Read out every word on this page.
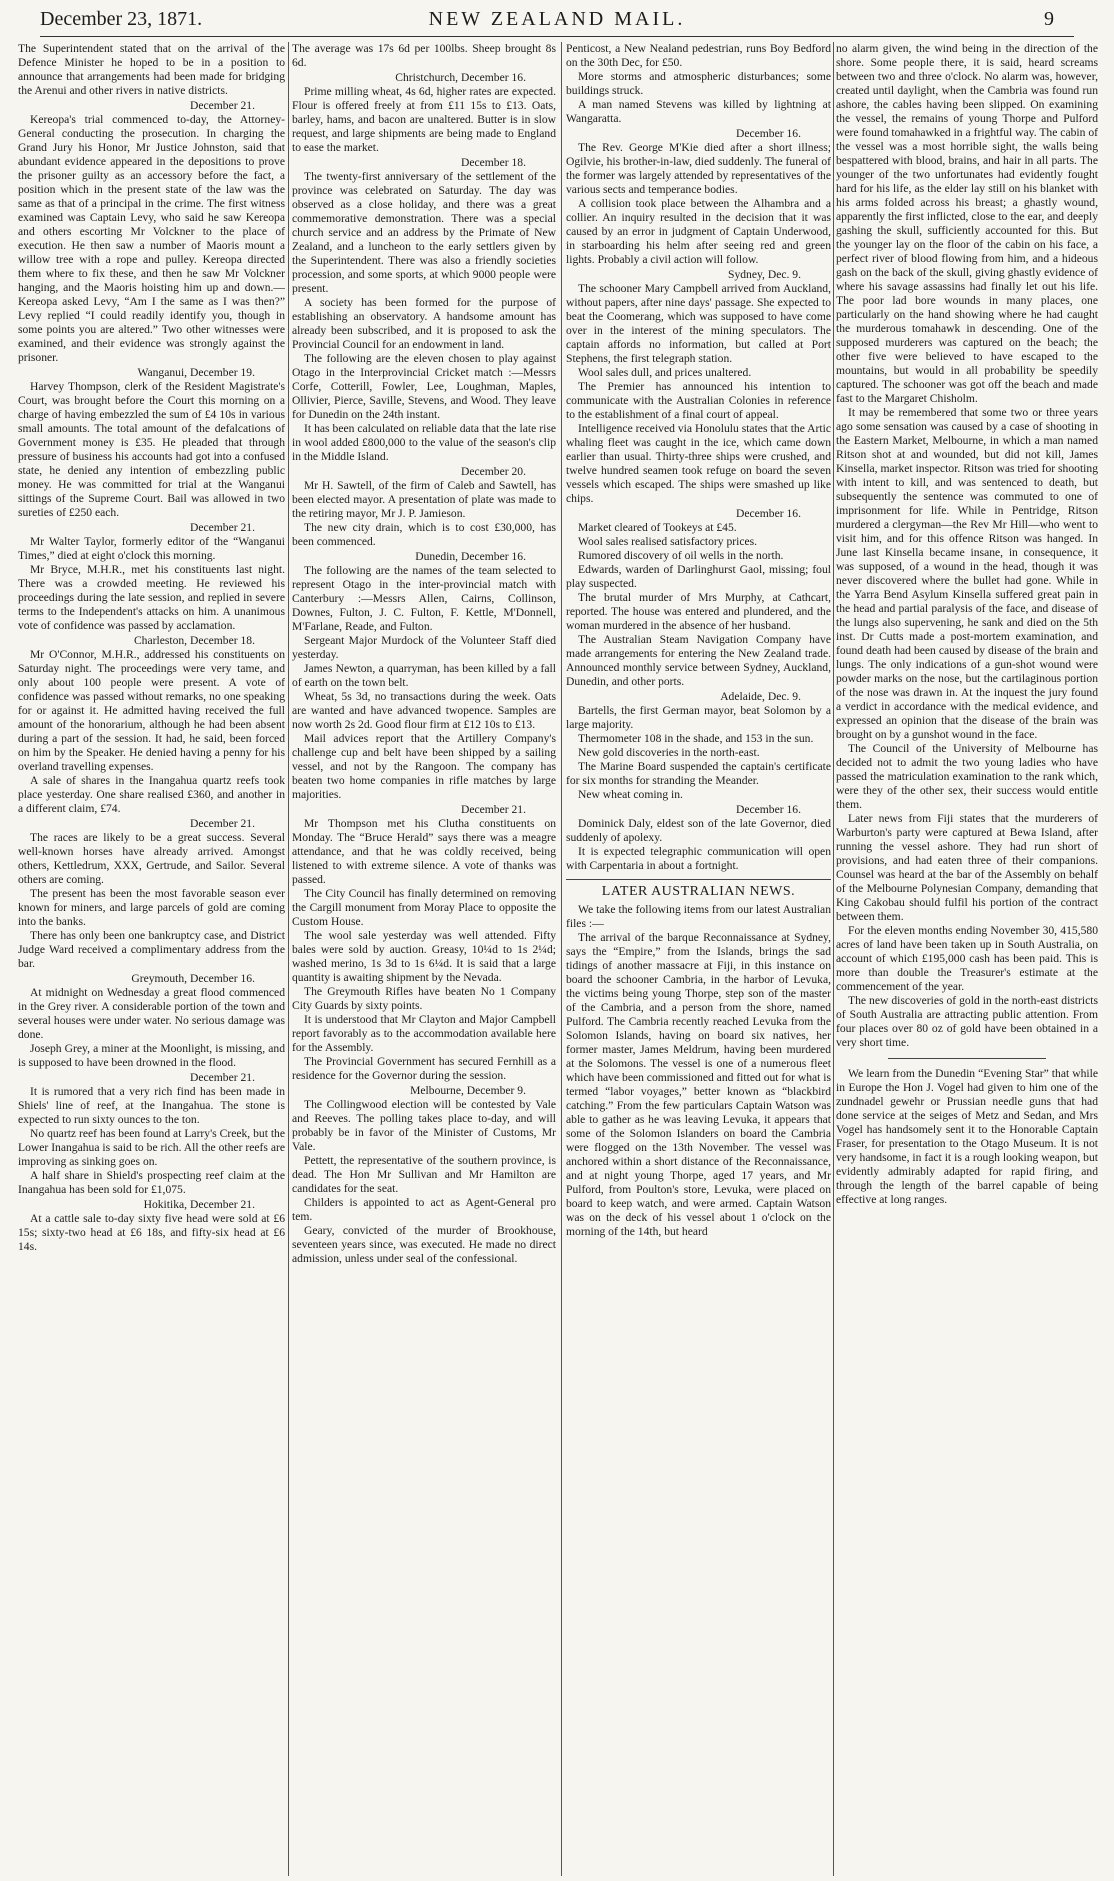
December 23, 1871.	NEW ZEALAND MAIL.	9

The Superintendent stated that on the arrival of the Defence Minister he hoped to be in a position to announce that arrangements had been made for bridging the Arenui and other rivers in native districts.

December 21.

Kereopa's trial commenced to-day, the Attorney-General conducting the prosecution. In charging the Grand Jury his Honor, Mr Justice Johnston, said that abundant evidence appeared in the depositions to prove the prisoner guilty as an accessory before the fact, a position which in the present state of the law was the same as that of a principal in the crime. The first witness examined was Captain Levy, who said he saw Kereopa and others escorting Mr Volckner to the place of execution. He then saw a number of Maoris mount a willow tree with a rope and pulley. Kereopa directed them where to fix these, and then he saw Mr Volckner hanging, and the Maoris hoisting him up and down.—Kereopa asked Levy, “Am I the same as I was then?” Levy replied “I could readily identify you, though in some points you are altered.” Two other witnesses were examined, and their evidence was strongly against the prisoner.

Wanganui, December 19.

Harvey Thompson, clerk of the Resident Magistrate's Court, was brought before the Court this morning on a charge of having embezzled the sum of £4 10s in various small amounts. The total amount of the defalcations of Government money is £35. He pleaded that through pressure of business his accounts had got into a confused state, he denied any intention of embezzling public money. He was committed for trial at the Wanganui sittings of the Supreme Court. Bail was allowed in two sureties of £250 each.

December 21.

Mr Walter Taylor, formerly editor of the “Wanganui Times,” died at eight o'clock this morning.

Mr Bryce, M.H.R., met his constituents last night. There was a crowded meeting. He reviewed his proceedings during the late session, and replied in severe terms to the Independent's attacks on him. A unanimous vote of confidence was passed by acclamation.

Charleston, December 18.

Mr O'Connor, M.H.R., addressed his constituents on Saturday night. The proceedings were very tame, and only about 100 people were present. A vote of confidence was passed without remarks, no one speaking for or against it. He admitted having received the full amount of the honorarium, although he had been absent during a part of the session. It had, he said, been forced on him by the Speaker. He denied having a penny for his overland travelling expenses.

A sale of shares in the Inangahua quartz reefs took place yesterday. One share realised £360, and another in a different claim, £74.

December 21.

The races are likely to be a great success. Several well-known horses have already arrived. Amongst others, Kettledrum, XXX, Gertrude, and Sailor. Several others are coming.

The present has been the most favorable season ever known for miners, and large parcels of gold are coming into the banks.

There has only been one bankruptcy case, and District Judge Ward received a complimentary address from the bar.

Greymouth, December 16.

At midnight on Wednesday a great flood commenced in the Grey river. A considerable portion of the town and several houses were under water. No serious damage was done.

Joseph Grey, a miner at the Moonlight, is missing, and is supposed to have been drowned in the flood.

December 21.

It is rumored that a very rich find has been made in Shiels' line of reef, at the Inangahua. The stone is expected to run sixty ounces to the ton.

No quartz reef has been found at Larry's Creek, but the Lower Inangahua is said to be rich. All the other reefs are improving as sinking goes on.

A half share in Shield's prospecting reef claim at the Inangahua has been sold for £1,075.

Hokitika, December 21.

At a cattle sale to-day sixty five head were sold at £6 15s; sixty-two head at £6 18s, and fifty-six head at £6 14s.

The average was 17s 6d per 100lbs. Sheep brought 8s 6d.

Christchurch, December 16.

Prime milling wheat, 4s 6d, higher rates are expected. Flour is offered freely at from £11 15s to £13. Oats, barley, hams, and bacon are unaltered. Butter is in slow request, and large shipments are being made to England to ease the market.

December 18.

The twenty-first anniversary of the settlement of the province was celebrated on Saturday. The day was observed as a close holiday, and there was a great commemorative demonstration. There was a special church service and an address by the Primate of New Zealand, and a luncheon to the early settlers given by the Superintendent. There was also a friendly societies procession, and some sports, at which 9000 people were present.

A society has been formed for the purpose of establishing an observatory. A handsome amount has already been subscribed, and it is proposed to ask the Provincial Council for an endowment in land.

The following are the eleven chosen to play against Otago in the Interprovincial Cricket match :—Messrs Corfe, Cotterill, Fowler, Lee, Loughman, Maples, Ollivier, Pierce, Saville, Stevens, and Wood. They leave for Dunedin on the 24th instant.

It has been calculated on reliable data that the late rise in wool added £800,000 to the value of the season's clip in the Middle Island.

December 20.

Mr H. Sawtell, of the firm of Caleb and Sawtell, has been elected mayor. A presentation of plate was made to the retiring mayor, Mr J. P. Jamieson.

The new city drain, which is to cost £30,000, has been commenced.

Dunedin, December 16.

The following are the names of the team selected to represent Otago in the inter-provincial match with Canterbury :—Messrs Allen, Cairns, Collinson, Downes, Fulton, J. C. Fulton, F. Kettle, M'Donnell, M'Farlane, Reade, and Fulton.

Sergeant Major Murdock of the Volunteer Staff died yesterday.

James Newton, a quarryman, has been killed by a fall of earth on the town belt.

Wheat, 5s 3d, no transactions during the week. Oats are wanted and have advanced twopence. Samples are now worth 2s 2d. Good flour firm at £12 10s to £13.

Mail advices report that the Artillery Company's challenge cup and belt have been shipped by a sailing vessel, and not by the Rangoon. The company has beaten two home companies in rifle matches by large majorities.

December 21.

Mr Thompson met his Clutha constituents on Monday. The “Bruce Herald” says there was a meagre attendance, and that he was coldly received, being listened to with extreme silence. A vote of thanks was passed.

The City Council has finally determined on removing the Cargill monument from Moray Place to opposite the Custom House.

The wool sale yesterday was well attended. Fifty bales were sold by auction. Greasy, 10¼d to 1s 2¼d; washed merino, 1s 3d to 1s 6¼d. It is said that a large quantity is awaiting shipment by the Nevada.

The Greymouth Rifles have beaten No 1 Company City Guards by sixty points.

It is understood that Mr Clayton and Major Campbell report favorably as to the accommodation available here for the Assembly.

The Provincial Government has secured Fernhill as a residence for the Governor during the session.

Melbourne, December 9.

The Collingwood election will be contested by Vale and Reeves. The polling takes place to-day, and will probably be in favor of the Minister of Customs, Mr Vale.

Pettett, the representative of the southern province, is dead. The Hon Mr Sullivan and Mr Hamilton are candidates for the seat.

Childers is appointed to act as Agent-General pro tem.

Geary, convicted of the murder of Brookhouse, seventeen years since, was executed. He made no direct admission, unless under seal of the confessional.

Penticost, a New Nealand pedestrian, runs Boy Bedford on the 30th Dec, for £50.

More storms and atmospheric disturbances; some buildings struck.

A man named Stevens was killed by lightning at Wangaratta.

December 16.

The Rev. George M'Kie died after a short illness; Ogilvie, his brother-in-law, died suddenly. The funeral of the former was largely attended by representatives of the various sects and temperance bodies.

A collision took place between the Alhambra and a collier. An inquiry resulted in the decision that it was caused by an error in judgment of Captain Underwood, in starboarding his helm after seeing red and green lights. Probably a civil action will follow.

Sydney, Dec. 9.

The schooner Mary Campbell arrived from Auckland, without papers, after nine days' passage. She expected to beat the Coomerang, which was supposed to have come over in the interest of the mining speculators. The captain affords no information, but called at Port Stephens, the first telegraph station.

Wool sales dull, and prices unaltered.

The Premier has announced his intention to communicate with the Australian Colonies in reference to the establishment of a final court of appeal.

Intelligence received via Honolulu states that the Artic whaling fleet was caught in the ice, which came down earlier than usual. Thirty-three ships were crushed, and twelve hundred seamen took refuge on board the seven vessels which escaped. The ships were smashed up like chips.

December 16.

Market cleared of Tookeys at £45.

Wool sales realised satisfactory prices.

Rumored discovery of oil wells in the north.

Edwards, warden of Darlinghurst Gaol, missing; foul play suspected.

The brutal murder of Mrs Murphy, at Cathcart, reported. The house was entered and plundered, and the woman murdered in the absence of her husband.

The Australian Steam Navigation Company have made arrangements for entering the New Zealand trade. Announced monthly service between Sydney, Auckland, Dunedin, and other ports.

Adelaide, Dec. 9.

Bartells, the first German mayor, beat Solomon by a large majority.

Thermometer 108 in the shade, and 153 in the sun.

New gold discoveries in the north-east.

The Marine Board suspended the captain's certificate for six months for stranding the Meander.

New wheat coming in.

December 16.

Dominick Daly, eldest son of the late Governor, died suddenly of apolexy.

It is expected telegraphic communication will open with Carpentaria in about a fortnight.

LATER AUSTRALIAN NEWS.

We take the following items from our latest Australian files :—

The arrival of the barque Reconnaissance at Sydney, says the “Empire,” from the Islands, brings the sad tidings of another massacre at Fiji, in this instance on board the schooner Cambria, in the harbor of Levuka, the victims being young Thorpe, step son of the master of the Cambria, and a person from the shore, named Pulford. The Cambria recently reached Levuka from the Solomon Islands, having on board six natives, her former master, James Meldrum, having been murdered at the Solomons. The vessel is one of a numerous fleet which have been commissioned and fitted out for what is termed “labor voyages,” better known as “blackbird catching.” From the few particulars Captain Watson was able to gather as he was leaving Levuka, it appears that some of the Solomon Islanders on board the Cambria were flogged on the 13th November. The vessel was anchored within a short distance of the Reconnaissance, and at night young Thorpe, aged 17 years, and Mr Pulford, from Poulton's store, Levuka, were placed on board to keep watch, and were armed. Captain Watson was on the deck of his vessel about 1 o'clock on the morning of the 14th, but heard

no alarm given, the wind being in the direction of the shore. Some people there, it is said, heard screams between two and three o'clock. No alarm was, however, created until daylight, when the Cambria was found run ashore, the cables having been slipped. On examining the vessel, the remains of young Thorpe and Pulford were found tomahawked in a frightful way. The cabin of the vessel was a most horrible sight, the walls being bespattered with blood, brains, and hair in all parts. The younger of the two unfortunates had evidently fought hard for his life, as the elder lay still on his blanket with his arms folded across his breast; a ghastly wound, apparently the first inflicted, close to the ear, and deeply gashing the skull, sufficiently accounted for this. But the younger lay on the floor of the cabin on his face, a perfect river of blood flowing from him, and a hideous gash on the back of the skull, giving ghastly evidence of where his savage assassins had finally let out his life. The poor lad bore wounds in many places, one particularly on the hand showing where he had caught the murderous tomahawk in descending. One of the supposed murderers was captured on the beach; the other five were believed to have escaped to the mountains, but would in all probability be speedily captured. The schooner was got off the beach and made fast to the Margaret Chisholm.

It may be remembered that some two or three years ago some sensation was caused by a case of shooting in the Eastern Market, Melbourne, in which a man named Ritson shot at and wounded, but did not kill, James Kinsella, market inspector. Ritson was tried for shooting with intent to kill, and was sentenced to death, but subsequently the sentence was commuted to one of imprisonment for life. While in Pentridge, Ritson murdered a clergyman—the Rev Mr Hill—who went to visit him, and for this offence Ritson was hanged. In June last Kinsella became insane, in consequence, it was supposed, of a wound in the head, though it was never discovered where the bullet had gone. While in the Yarra Bend Asylum Kinsella suffered great pain in the head and partial paralysis of the face, and disease of the lungs also supervening, he sank and died on the 5th inst. Dr Cutts made a post-mortem examination, and found death had been caused by disease of the brain and lungs. The only indications of a gun-shot wound were powder marks on the nose, but the cartilaginous portion of the nose was drawn in. At the inquest the jury found a verdict in accordance with the medical evidence, and expressed an opinion that the disease of the brain was brought on by a gunshot wound in the face.

The Council of the University of Melbourne has decided not to admit the two young ladies who have passed the matriculation examination to the rank which, were they of the other sex, their success would entitle them.

Later news from Fiji states that the murderers of Warburton's party were captured at Bewa Island, after running the vessel ashore. They had run short of provisions, and had eaten three of their companions. Counsel was heard at the bar of the Assembly on behalf of the Melbourne Polynesian Company, demanding that King Cakobau should fulfil his portion of the contract between them.

For the eleven months ending November 30, 415,580 acres of land have been taken up in South Australia, on account of which £195,000 cash has been paid. This is more than double the Treasurer's estimate at the commencement of the year.

The new discoveries of gold in the north-east districts of South Australia are attracting public attention. From four places over 80 oz of gold have been obtained in a very short time.

We learn from the Dunedin “Evening Star” that while in Europe the Hon J. Vogel had given to him one of the zundnadel gewehr or Prussian needle guns that had done service at the seiges of Metz and Sedan, and Mrs Vogel has handsomely sent it to the Honorable Captain Fraser, for presentation to the Otago Museum. It is not very handsome, in fact it is a rough looking weapon, but evidently admirably adapted for rapid firing, and through the length of the barrel capable of being effective at long ranges.
